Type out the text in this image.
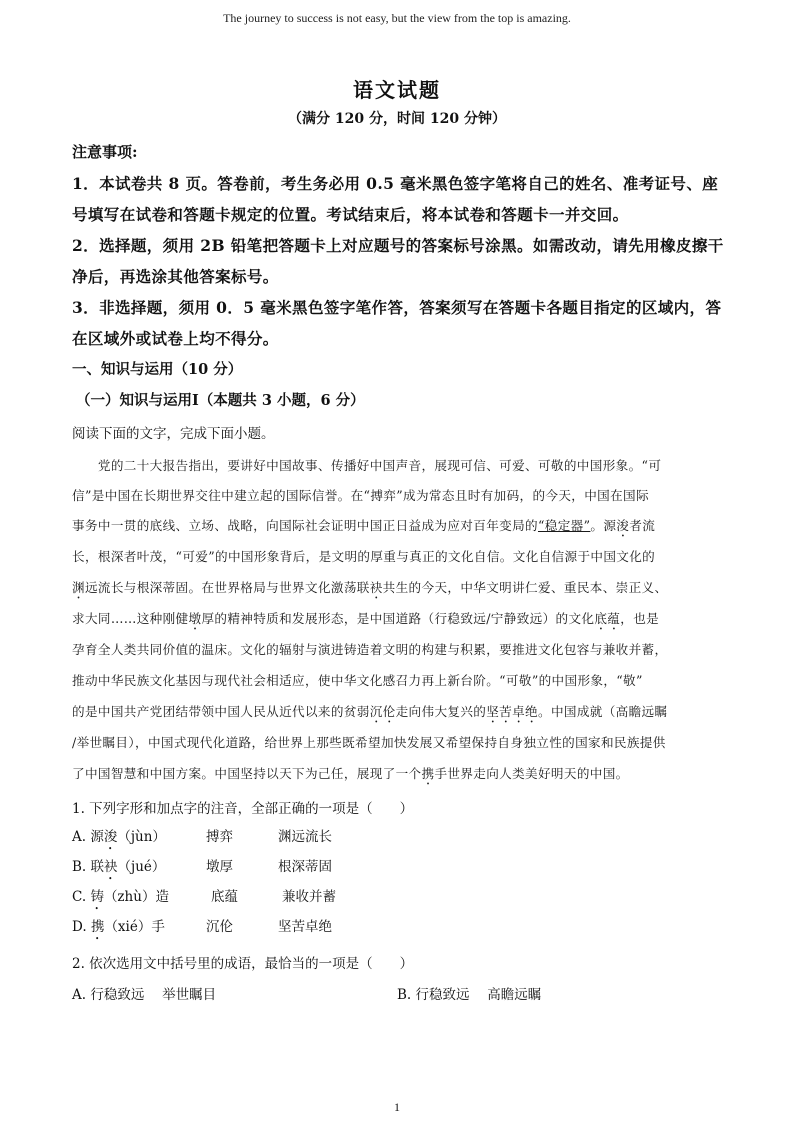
The journey to success is not easy, but the view from the top is amazing.
语文试题
（满分 120 分，时间 120 分钟）
注意事项:
1．本试卷共 8 页。答卷前，考生务必用 0.5 毫米黑色签字笔将自己的姓名、准考证号、座
号填写在试卷和答题卡规定的位置。考试结束后，将本试卷和答题卡一并交回。
2．选择题，须用 2B 铅笔把答题卡上对应题号的答案标号涂黑。如需改动，请先用橡皮擦干
净后，再选涂其他答案标号。
3．非选择题，须用 0．5 毫米黑色签字笔作答，答案须写在答题卡各题目指定的区域内，答
在区域外或试卷上均不得分。
一、知识与运用（10 分）
（一）知识与运用Ⅰ（本题共 3 小题，6 分）
阅读下面的文字，完成下面小题。
　　党的二十大报告指出，要讲好中国故事、传播好中国声音，展现可信、可爱、可敬的中国形象。“可
信”是中国在长期世界交往中建立起的国际信誉。在“搏弈”成为常态且时有加码，的今天，中国在国际
事务中一贯的底线、立场、战略，向国际社会证明中国正日益成为应对百年变局的“稳定器”。源浚者流
长，根深者叶茂，“可爱”的中国形象背后，是文明的厚重与真正的文化自信。文化自信源于中国文化的
渊远流长与根深蒂固。在世界格局与世界文化激荡联袂共生的今天，中华文明讲仁爱、重民本、崇正义、
求大同……这种刚健墩厚的精神特质和发展形态，是中国道路（行稳致远/宁静致远）的文化底蕴，也是
孕育全人类共同价值的温床。文化的辐射与演进铸造着文明的构建与积累，要推进文化包容与兼收并蓄，
推动中华民族文化基因与现代社会相适应，使中华文化感召力再上新台阶。“可敬”的中国形象，“敬”
的是中国共产党团结带领中国人民从近代以来的贫弱沉伦走向伟大复兴的坚苦卓绝。中国成就（高瞻远瞩
/举世瞩目），中国式现代化道路，给世界上那些既希望加快发展又希望保持自身独立性的国家和民族提供
了中国智慧和中国方案。中国坚持以天下为己任，展现了一个携手世界走向人类美好明天的中国。
1. 下列字形和加点字的注音，全部正确的一项是（　　）
A. 源浚（jùn）	搏弈	渊远流长
B. 联袂（jué）	墩厚	根深蒂固
C. 铸（zhù）造	底蕴	兼收并蓄
D. 携（xié）手	沉伦	坚苦卓绝
2. 依次选用文中括号里的成语，最恰当的一项是（　　）
A. 行稳致远　 举世瞩目	B. 行稳致远　 高瞻远瞩
1
